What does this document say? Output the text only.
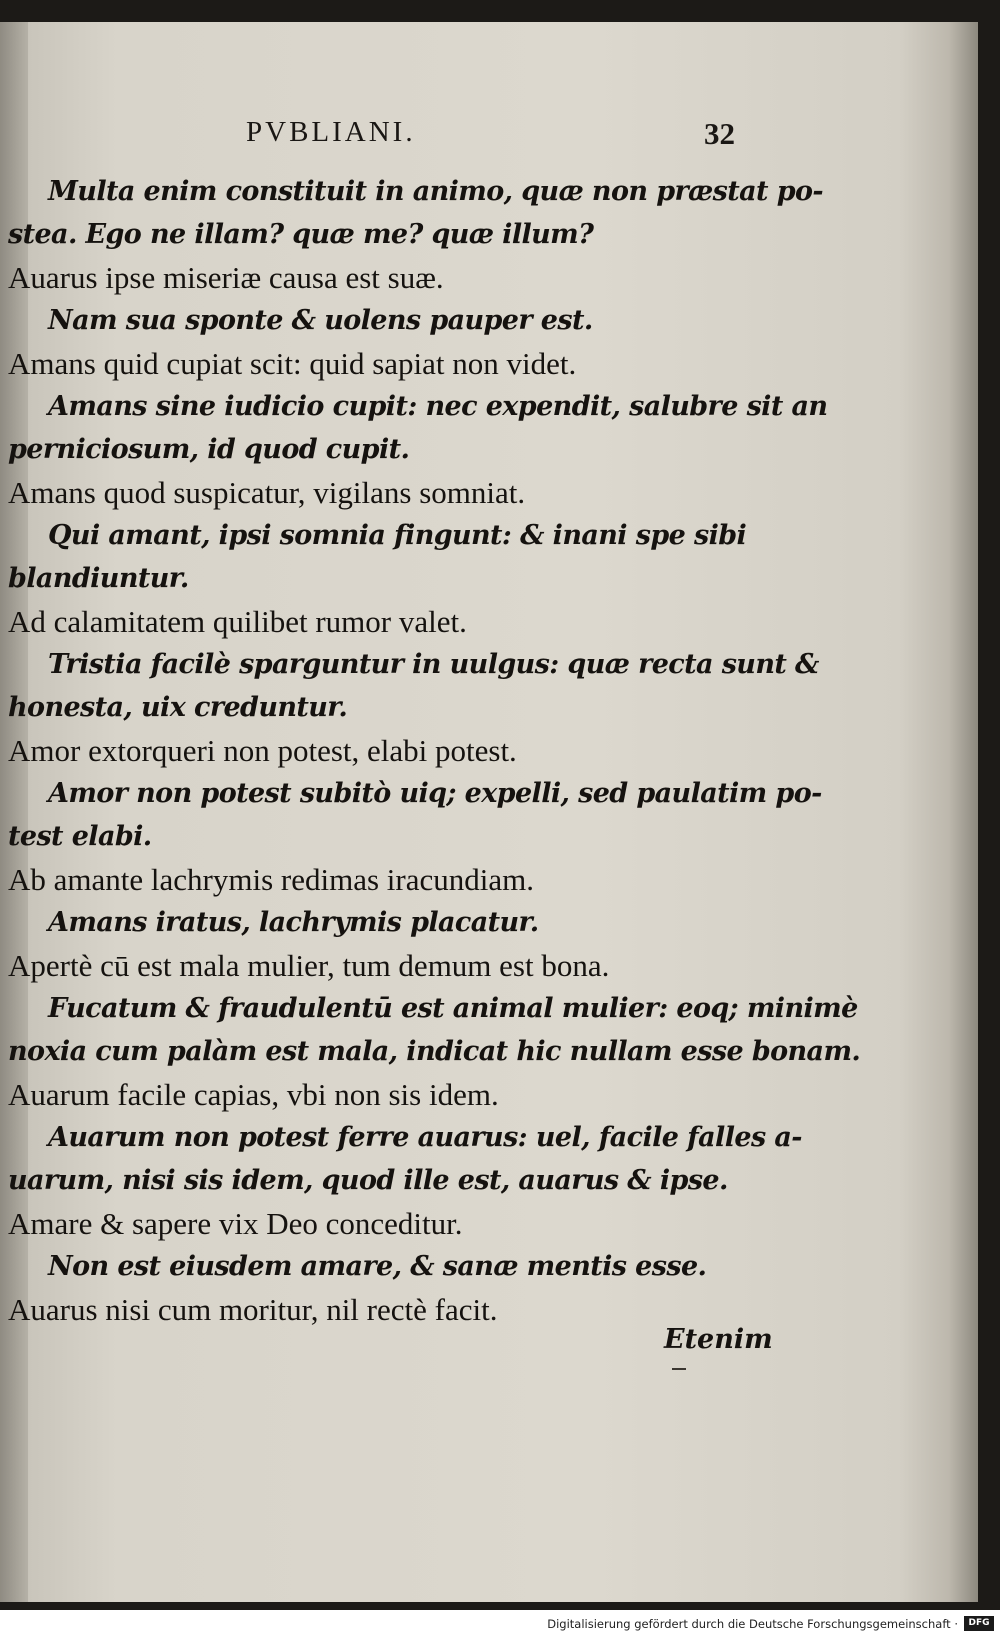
PVBLIANI.	32
Multa enim constituit in animo, quæ non præstat po-
stea. Ego ne illam? quæ me? quæ illum?
Auarus ipse miseriæ causa est suæ.
Nam sua sponte & uolens pauper est.
Amans quid cupiat scit: quid sapiat non videt.
Amans sine iudicio cupit: nec expendit, salubre sit an
perniciosum, id quod cupit.
Amans quod suspicatur, vigilans somniat.
Qui amant, ipsi somnia fingunt: & inani spe sibi
blandiuntur.
Ad calamitatem quilibet rumor valet.
Tristia facilè sparguntur in uulgus: quæ recta sunt &
honesta, uix creduntur.
Amor extorqueri non potest, elabi potest.
Amor non potest subitò uiq; expelli, sed paulatim po-
test elabi.
Ab amante lachrymis redimas iracundiam.
Amans iratus, lachrymis placatur.
Apertè cū est mala mulier, tum demum est bona.
Fucatum & fraudulentū est animal mulier: eoq; minimè
noxia cum palàm est mala, indicat hic nullam esse bonam.
Auarum facile capias, vbi non sis idem.
Auarum non potest ferre auarus: uel, facile falles a-
uarum, nisi sis idem, quod ille est, auarus & ipse.
Amare & sapere vix Deo conceditur.
Non est eiusdem amare, & sanæ mentis esse.
Auarus nisi cum moritur, nil rectè facit.
Etenim
Digitalisierung gefördert durch die Deutsche Forschungsgemeinschaft ·	DFG
